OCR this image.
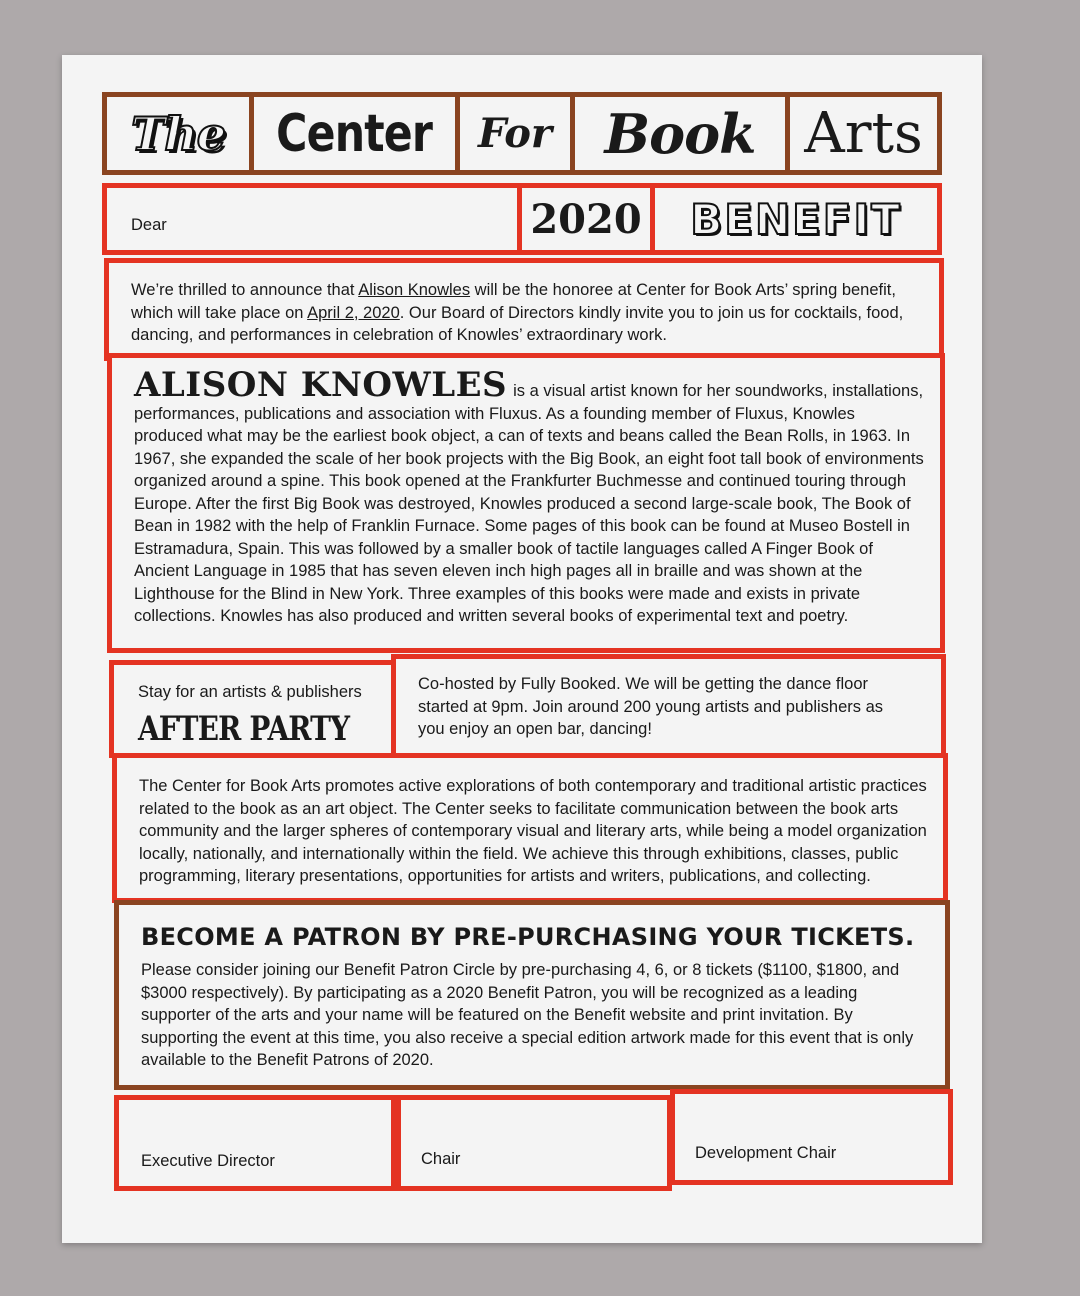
The Center For Book Arts
Dear	2020 BENEFIT

We’re thrilled to announce that Alison Knowles will be the honoree at Center for Book Arts’ spring benefit, which will take place on April 2, 2020. Our Board of Directors kindly invite you to join us for cocktails, food, dancing, and performances in celebration of Knowles’ extraordinary work.

ALISON KNOWLES is a visual artist known for her soundworks, installations, performances, publications and association with Fluxus. As a founding member of Fluxus, Knowles produced what may be the earliest book object, a can of texts and beans called the Bean Rolls, in 1963. In 1967, she expanded the scale of her book projects with the Big Book, an eight foot tall book of environments organized around a spine. This book opened at the Frankfurter Buchmesse and continued touring through Europe. After the first Big Book was destroyed, Knowles produced a second large-scale book, The Book of Bean in 1982 with the help of Franklin Furnace. Some pages of this book can be found at Museo Bostell in Estramadura, Spain. This was followed by a smaller book of tactile languages called A Finger Book of Ancient Language in 1985 that has seven eleven inch high pages all in braille and was shown at the Lighthouse for the Blind in New York. Three examples of this books were made and exists in private collections. Knowles has also produced and written several books of experimental text and poetry.

Stay for an artists & publishers
AFTER PARTY

Co-hosted by Fully Booked. We will be getting the dance floor started at 9pm. Join around 200 young artists and publishers as you enjoy an open bar, dancing!

The Center for Book Arts promotes active explorations of both contemporary and traditional artistic practices related to the book as an art object. The Center seeks to facilitate communication between the book arts community and the larger spheres of contemporary visual and literary arts, while being a model organization locally, nationally, and internationally within the field. We achieve this through exhibitions, classes, public programming, literary presentations, opportunities for artists and writers, publications, and collecting.

BECOME A PATRON BY PRE-PURCHASING YOUR TICKETS.

Please consider joining our Benefit Patron Circle by pre-purchasing 4, 6, or 8 tickets ($1100, $1800, and $3000 respectively). By participating as a 2020 Benefit Patron, you will be recognized as a leading supporter of the arts and your name will be featured on the Benefit website and print invitation. By supporting the event at this time, you also receive a special edition artwork made for this event that is only available to the Benefit Patrons of 2020.

Executive Director	Chair	Development Chair
